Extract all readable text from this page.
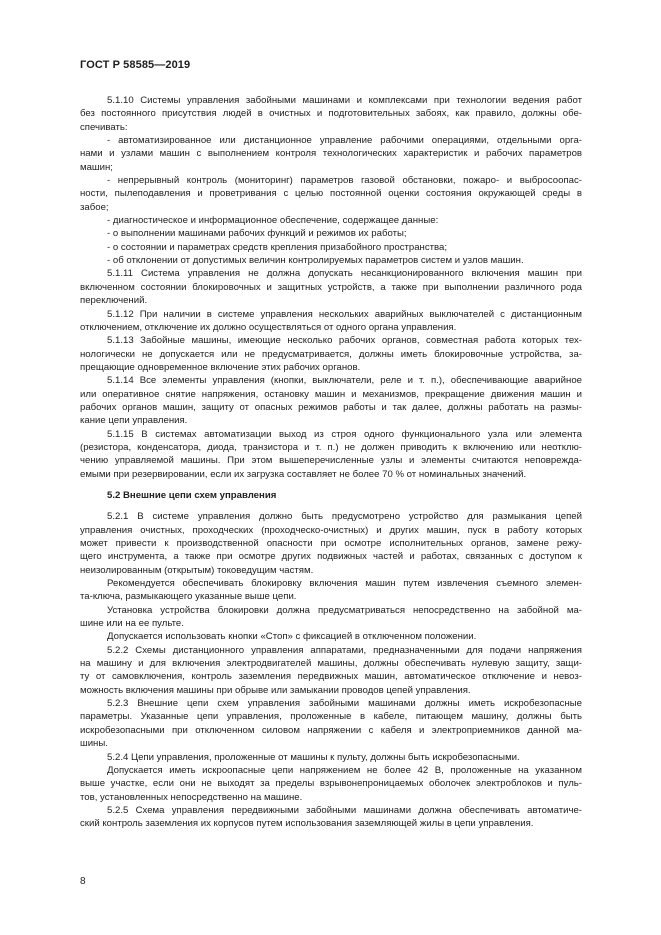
ГОСТ Р 58585—2019
5.1.10 Системы управления забойными машинами и комплексами при технологии ведения работ
без постоянного присутствия людей в очистных и подготовительных забоях, как правило, должны обе-
спечивать:
- автоматизированное или дистанционное управление рабочими операциями, отдельными орга-
нами и узлами машин с выполнением контроля технологических характеристик и рабочих параметров
машин;
- непрерывный контроль (мониторинг) параметров газовой обстановки, пожаро- и выбросоопас-
ности, пылеподавления и проветривания с целью постоянной оценки состояния окружающей среды в
забое;
- диагностическое и информационное обеспечение, содержащее данные:
- о выполнении машинами рабочих функций и режимов их работы;
- о состоянии и параметрах средств крепления призабойного пространства;
- об отклонении от допустимых величин контролируемых параметров систем и узлов машин.
5.1.11 Система управления не должна допускать несанкционированного включения машин при
включенном состоянии блокировочных и защитных устройств, а также при выполнении различного рода
переключений.
5.1.12 При наличии в системе управления нескольких аварийных выключателей с дистанционным
отключением, отключение их должно осуществляться от одного органа управления.
5.1.13 Забойные машины, имеющие несколько рабочих органов, совместная работа которых тех-
нологически не допускается или не предусматривается, должны иметь блокировочные устройства, за-
прещающие одновременное включение этих рабочих органов.
5.1.14 Все элементы управления (кнопки, выключатели, реле и т. п.), обеспечивающие аварийное
или оперативное снятие напряжения, остановку машин и механизмов, прекращение движения машин и
рабочих органов машин, защиту от опасных режимов работы и так далее, должны работать на размы-
кание цепи управления.
5.1.15 В системах автоматизации выход из строя одного функционального узла или элемента
(резистора, конденсатора, диода, транзистора и т. п.) не должен приводить к включению или неотклю-
чению управляемой машины. При этом вышеперечисленные узлы и элементы считаются неповрежда-
емыми при резервировании, если их загрузка составляет не более 70 % от номинальных значений.
5.2 Внешние цепи схем управления
5.2.1 В системе управления должно быть предусмотрено устройство для размыкания цепей
управления очистных, проходческих (проходческо-очистных) и других машин, пуск в работу которых
может привести к производственной опасности при осмотре исполнительных органов, замене режу-
щего инструмента, а также при осмотре других подвижных частей и работах, связанных с доступом к
неизолированным (открытым) токоведущим частям.
Рекомендуется обеспечивать блокировку включения машин путем извлечения съемного элемен-
та-ключа, размыкающего указанные выше цепи.
Установка устройства блокировки должна предусматриваться непосредственно на забойной ма-
шине или на ее пульте.
Допускается использовать кнопки «Стоп» с фиксацией в отключенном положении.
5.2.2 Схемы дистанционного управления аппаратами, предназначенными для подачи напряжения
на машину и для включения электродвигателей машины, должны обеспечивать нулевую защиту, защи-
ту от самовключения, контроль заземления передвижных машин, автоматическое отключение и невоз-
можность включения машины при обрыве или замыкании проводов цепей управления.
5.2.3 Внешние цепи схем управления забойными машинами должны иметь искробезопасные
параметры. Указанные цепи управления, проложенные в кабеле, питающем машину, должны быть
искробезопасными при отключенном силовом напряжении с кабеля и электроприемников данной ма-
шины.
5.2.4 Цепи управления, проложенные от машины к пульту, должны быть искробезопасными.
Допускается иметь искроопасные цепи напряжением не более 42 В, проложенные на указанном
выше участке, если они не выходят за пределы взрывонепроницаемых оболочек электроблоков и пуль-
тов, установленных непосредственно на машине.
5.2.5 Схема управления передвижными забойными машинами должна обеспечивать автоматиче-
ский контроль заземления их корпусов путем использования заземляющей жилы в цепи управления.
8
